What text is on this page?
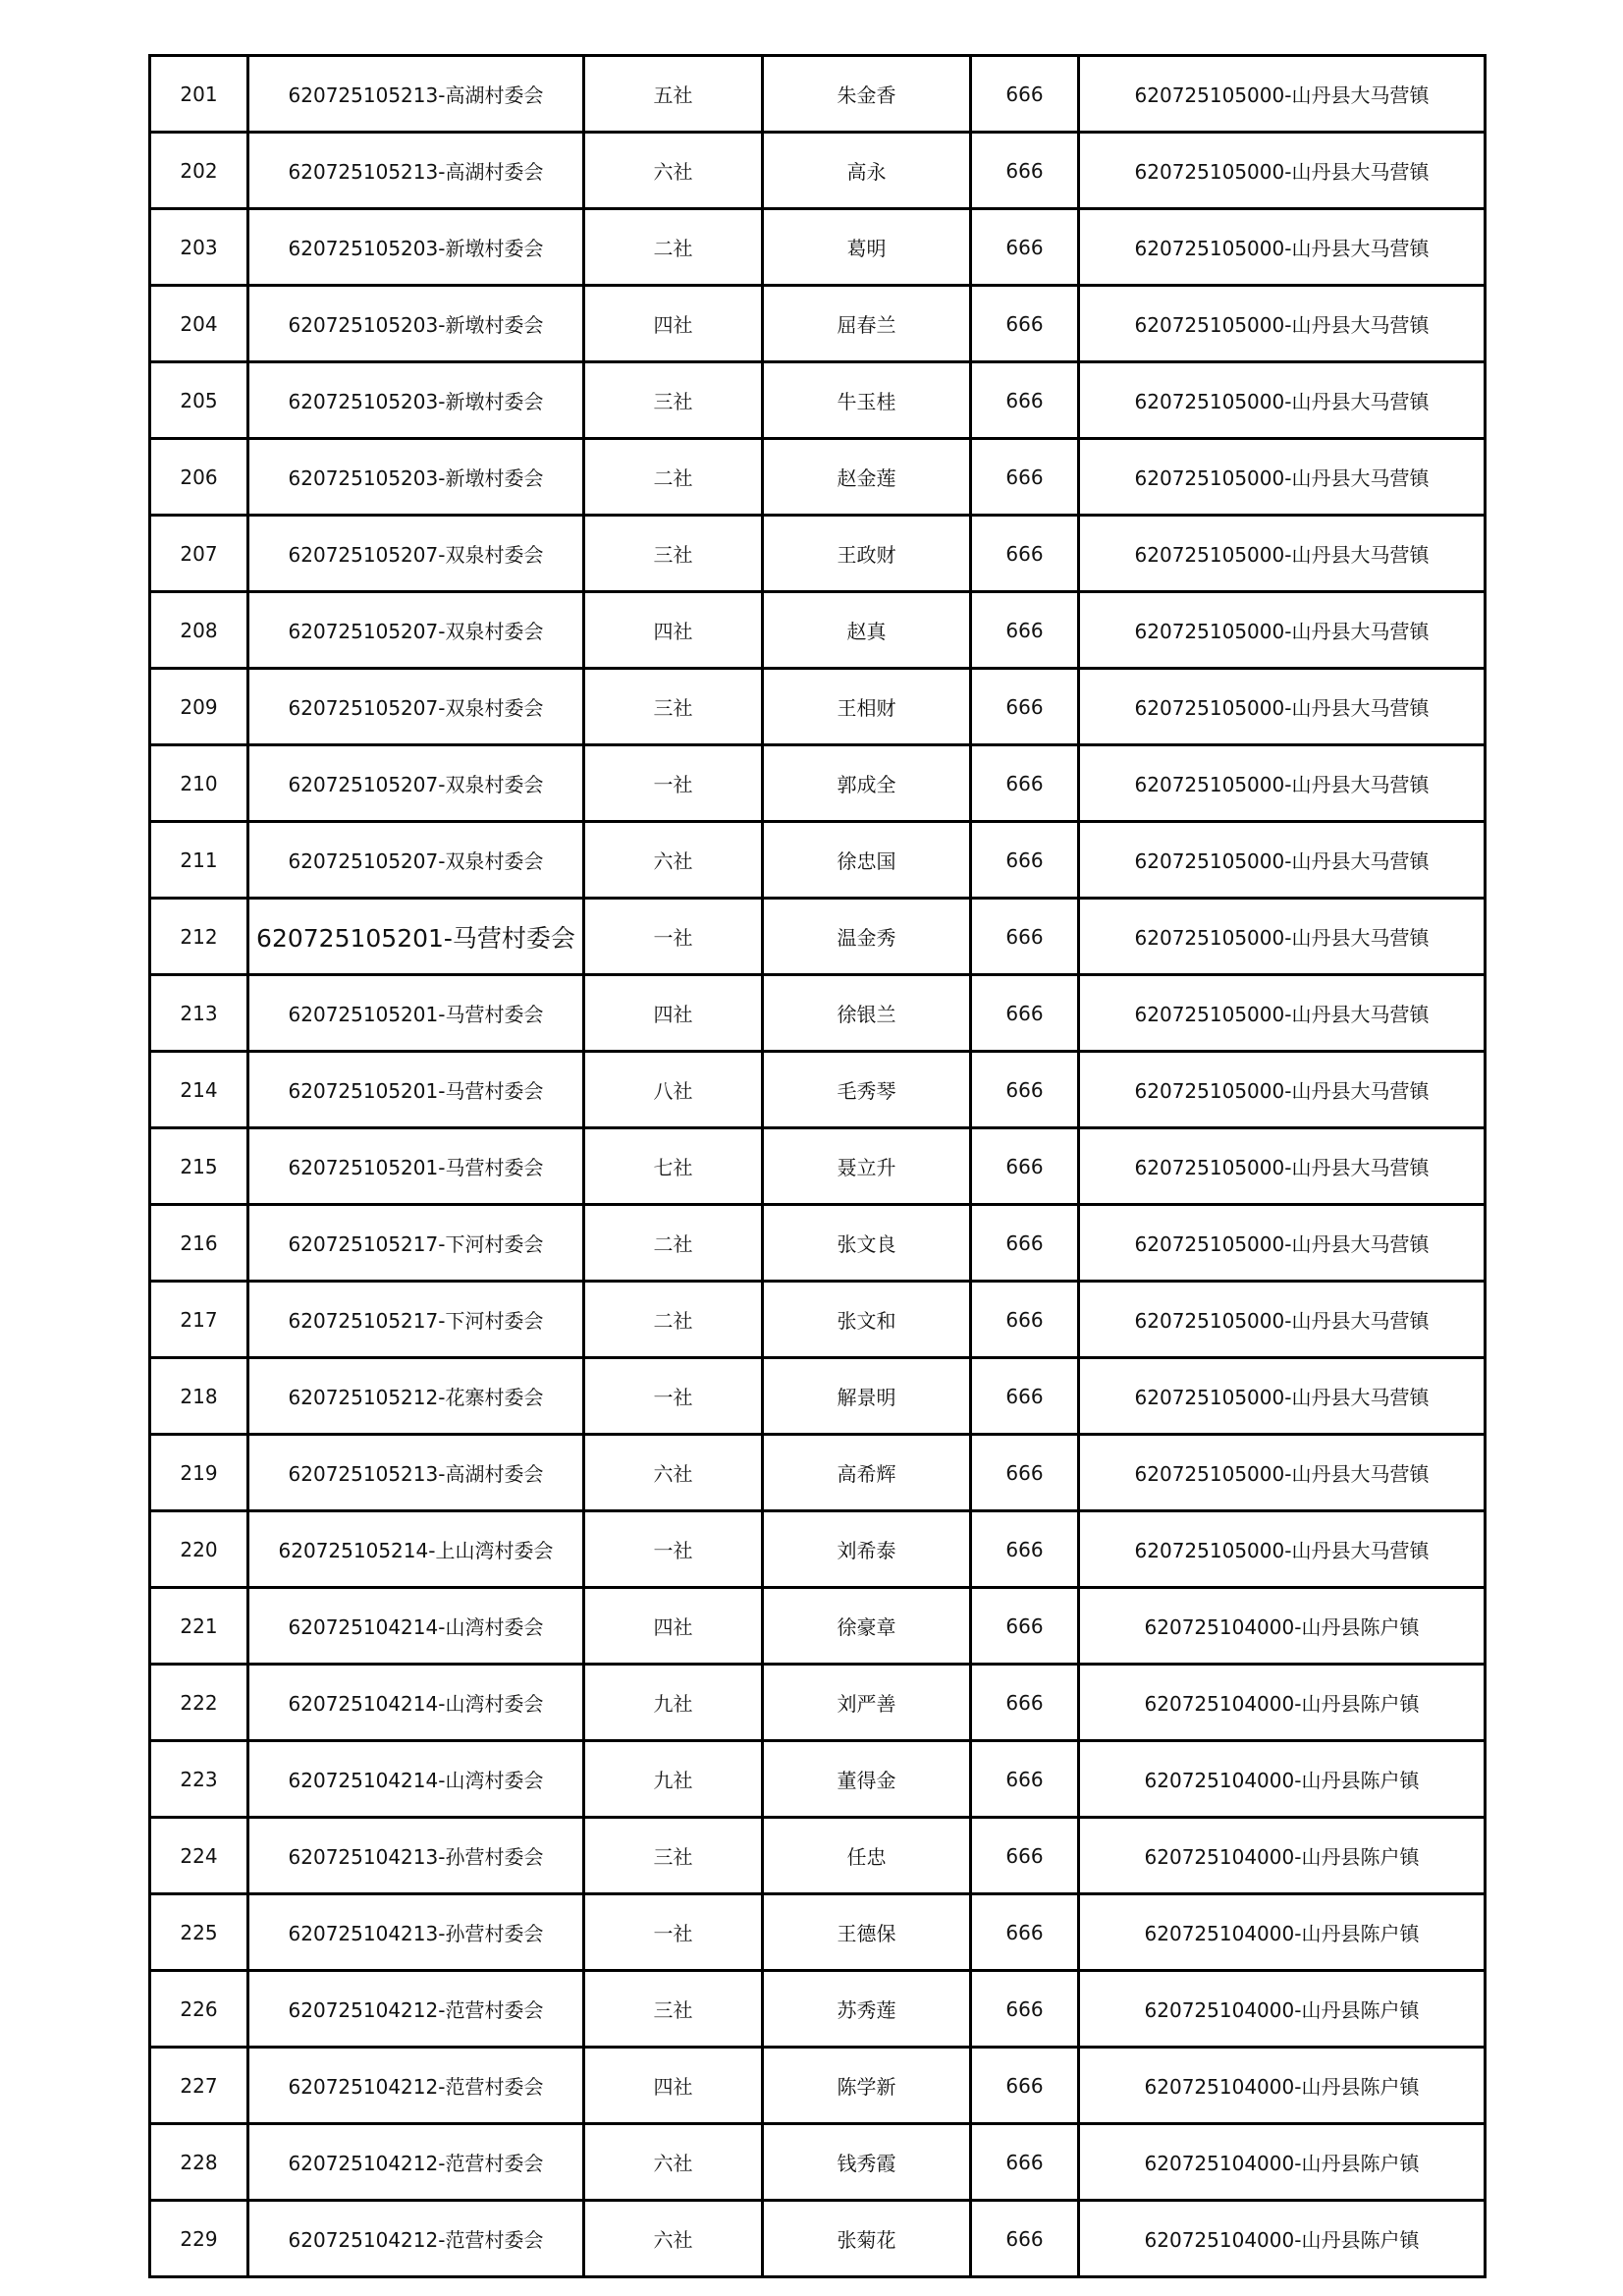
201	620725105213-高湖村委会	五社	朱金香	666	620725105000-山丹县大马营镇
202	620725105213-高湖村委会	六社	高永	666	620725105000-山丹县大马营镇
203	620725105203-新墩村委会	二社	葛明	666	620725105000-山丹县大马营镇
204	620725105203-新墩村委会	四社	屈春兰	666	620725105000-山丹县大马营镇
205	620725105203-新墩村委会	三社	牛玉桂	666	620725105000-山丹县大马营镇
206	620725105203-新墩村委会	二社	赵金莲	666	620725105000-山丹县大马营镇
207	620725105207-双泉村委会	三社	王政财	666	620725105000-山丹县大马营镇
208	620725105207-双泉村委会	四社	赵真	666	620725105000-山丹县大马营镇
209	620725105207-双泉村委会	三社	王相财	666	620725105000-山丹县大马营镇
210	620725105207-双泉村委会	一社	郭成全	666	620725105000-山丹县大马营镇
211	620725105207-双泉村委会	六社	徐忠国	666	620725105000-山丹县大马营镇
212	620725105201-马营村委会	一社	温金秀	666	620725105000-山丹县大马营镇
213	620725105201-马营村委会	四社	徐银兰	666	620725105000-山丹县大马营镇
214	620725105201-马营村委会	八社	毛秀琴	666	620725105000-山丹县大马营镇
215	620725105201-马营村委会	七社	聂立升	666	620725105000-山丹县大马营镇
216	620725105217-下河村委会	二社	张文良	666	620725105000-山丹县大马营镇
217	620725105217-下河村委会	二社	张文和	666	620725105000-山丹县大马营镇
218	620725105212-花寨村委会	一社	解景明	666	620725105000-山丹县大马营镇
219	620725105213-高湖村委会	六社	高希辉	666	620725105000-山丹县大马营镇
220	620725105214-上山湾村委会	一社	刘希泰	666	620725105000-山丹县大马营镇
221	620725104214-山湾村委会	四社	徐豪章	666	620725104000-山丹县陈户镇
222	620725104214-山湾村委会	九社	刘严善	666	620725104000-山丹县陈户镇
223	620725104214-山湾村委会	九社	董得金	666	620725104000-山丹县陈户镇
224	620725104213-孙营村委会	三社	任忠	666	620725104000-山丹县陈户镇
225	620725104213-孙营村委会	一社	王德保	666	620725104000-山丹县陈户镇
226	620725104212-范营村委会	三社	苏秀莲	666	620725104000-山丹县陈户镇
227	620725104212-范营村委会	四社	陈学新	666	620725104000-山丹县陈户镇
228	620725104212-范营村委会	六社	钱秀霞	666	620725104000-山丹县陈户镇
229	620725104212-范营村委会	六社	张菊花	666	620725104000-山丹县陈户镇
